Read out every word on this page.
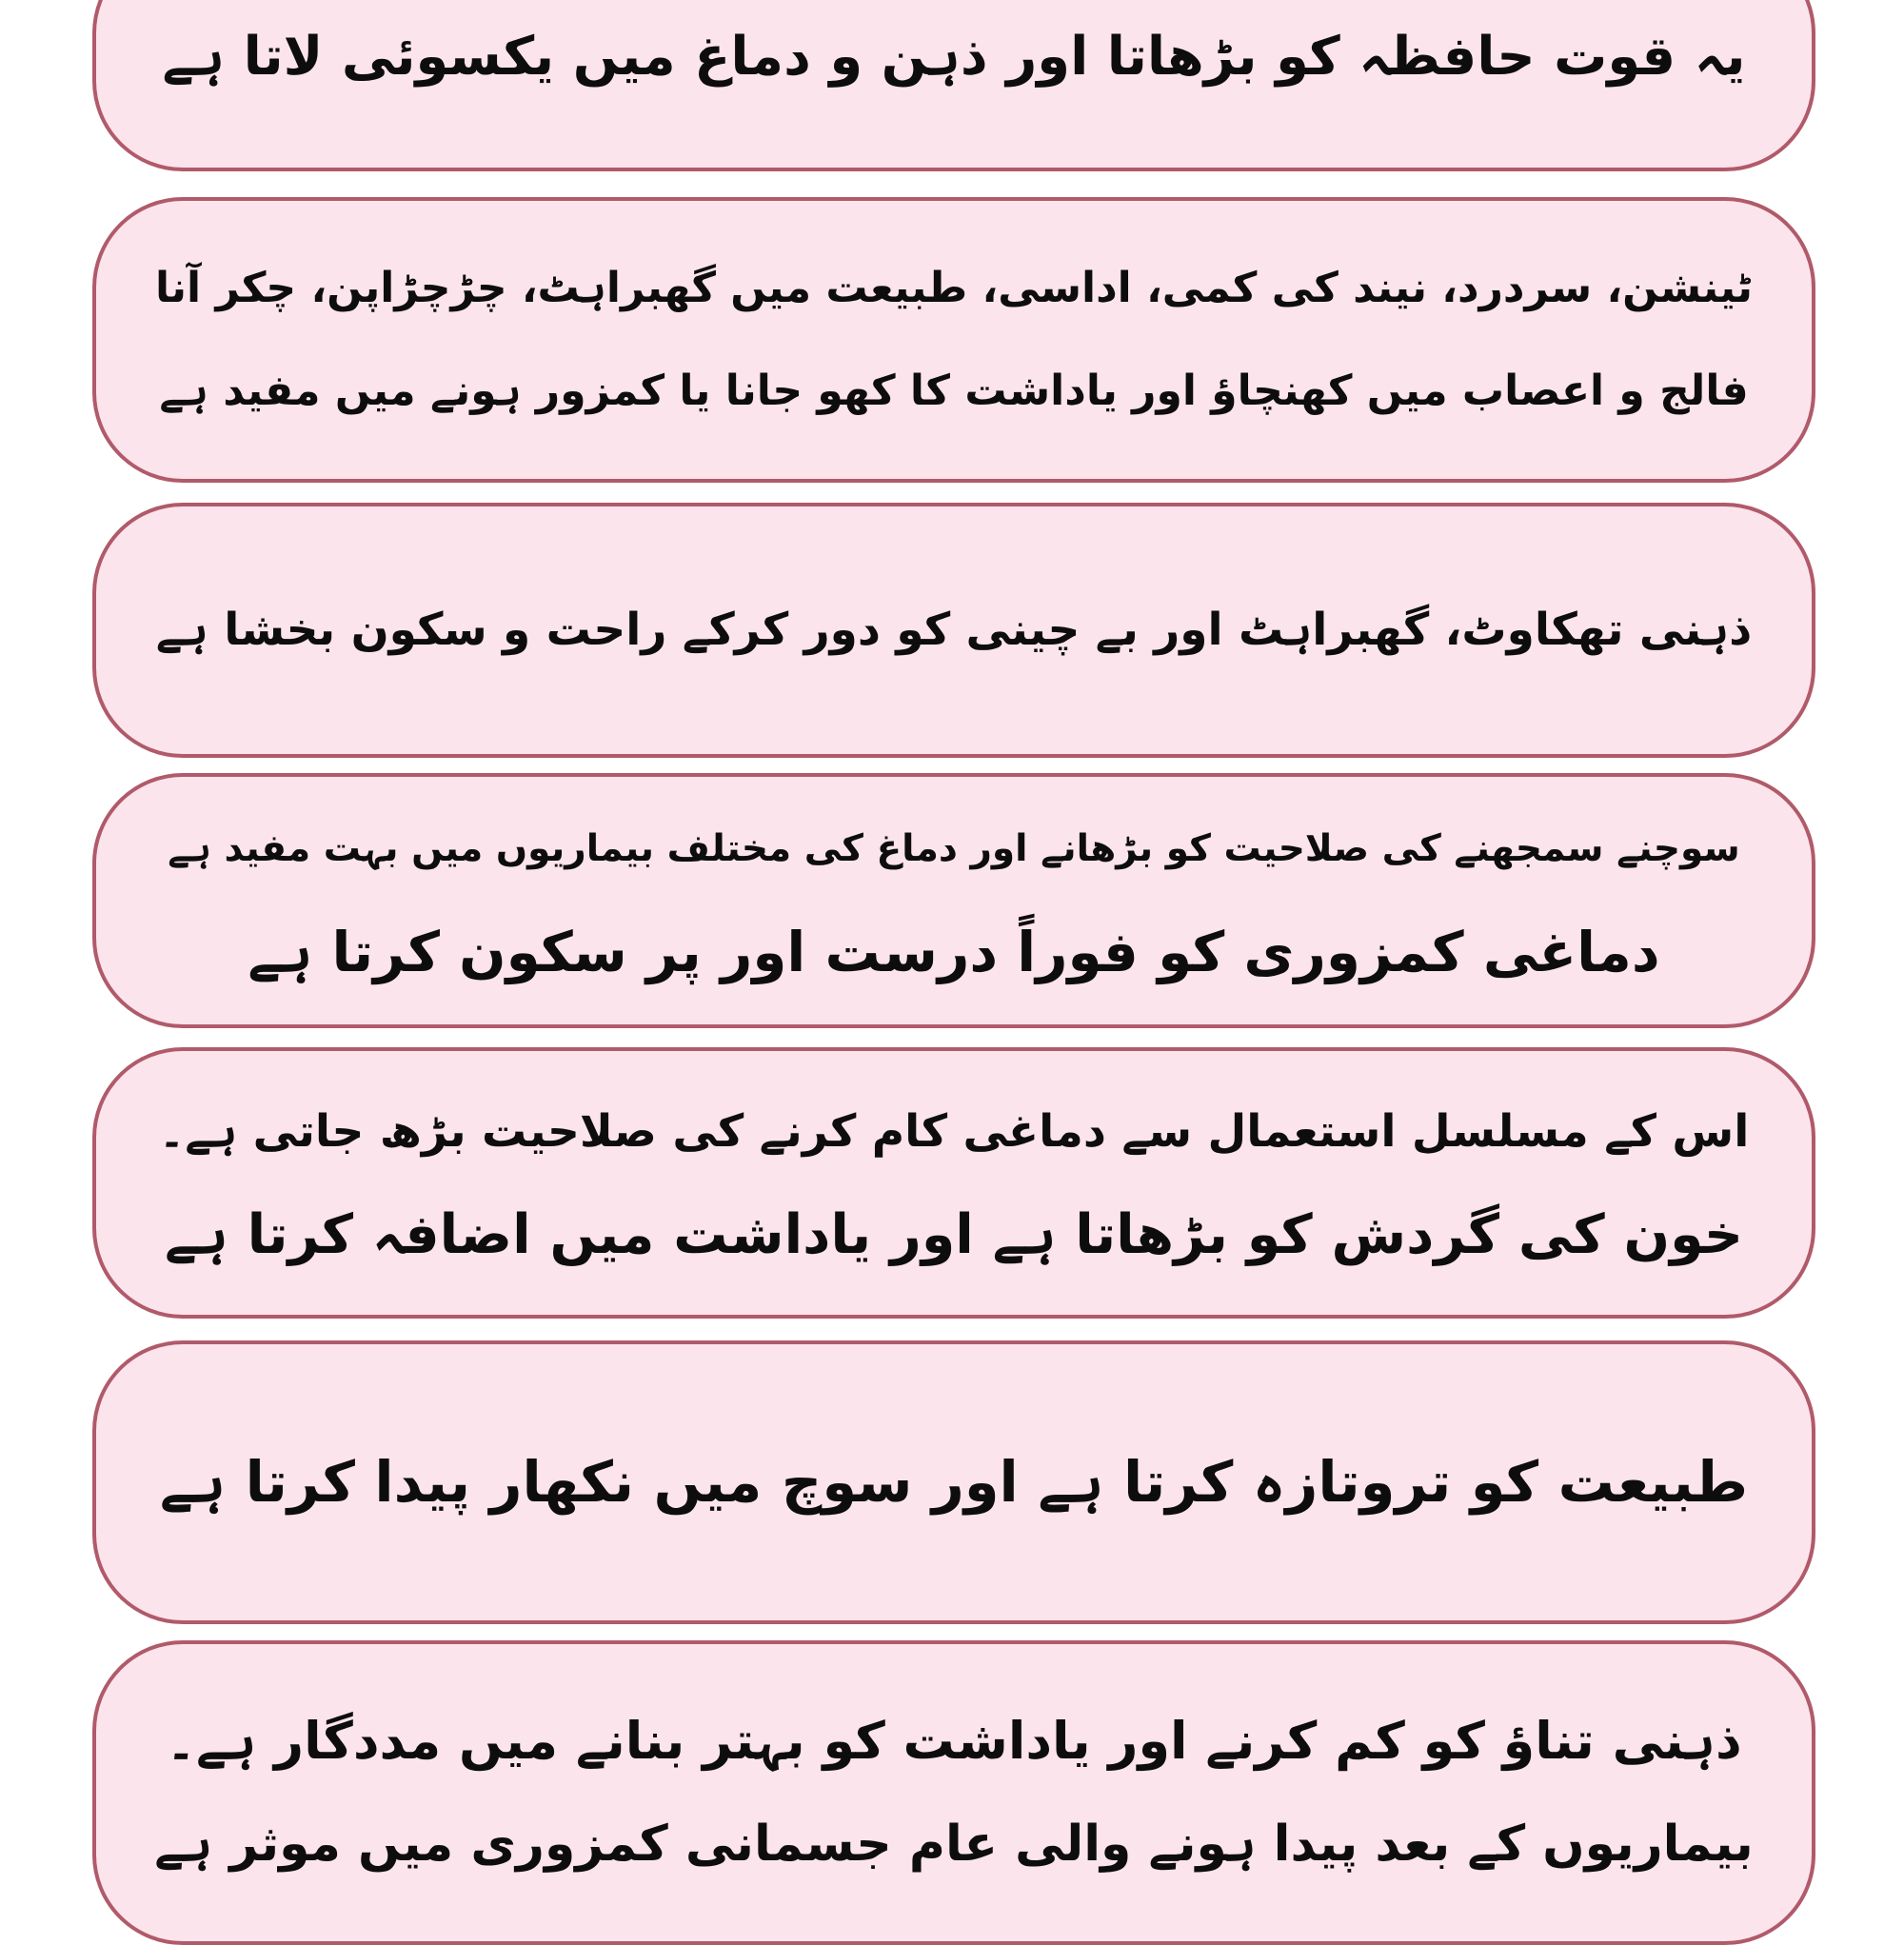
یہ قوت حافظہ کو بڑھاتا اور ذہن و دماغ میں یکسوئی لاتا ہے
ٹینشن، سردرد، نیند کی کمی، اداسی، طبیعت میں گھبراہٹ، چڑچڑاپن، چکر آنا
فالج و اعصاب میں کھنچاؤ اور یاداشت کا کھو جانا یا کمزور ہونے میں مفید ہے
ذہنی تھکاوٹ، گھبراہٹ اور بے چینی کو دور کرکے راحت و سکون بخشا ہے
سوچنے سمجھنے کی صلاحیت کو بڑھانے اور دماغ کی مختلف بیماریوں میں بہت مفید ہے
دماغی کمزوری کو فوراً درست اور پر سکون کرتا ہے
اس کے مسلسل استعمال سے دماغی کام کرنے کی صلاحیت بڑھ جاتی ہے۔
خون کی گردش کو بڑھاتا ہے اور یاداشت میں اضافہ کرتا ہے
طبیعت کو تروتازہ کرتا ہے اور سوچ میں نکھار پیدا کرتا ہے
ذہنی تناؤ کو کم کرنے اور یاداشت کو بہتر بنانے میں مددگار ہے۔
بیماریوں کے بعد پیدا ہونے والی عام جسمانی کمزوری میں موثر ہے
